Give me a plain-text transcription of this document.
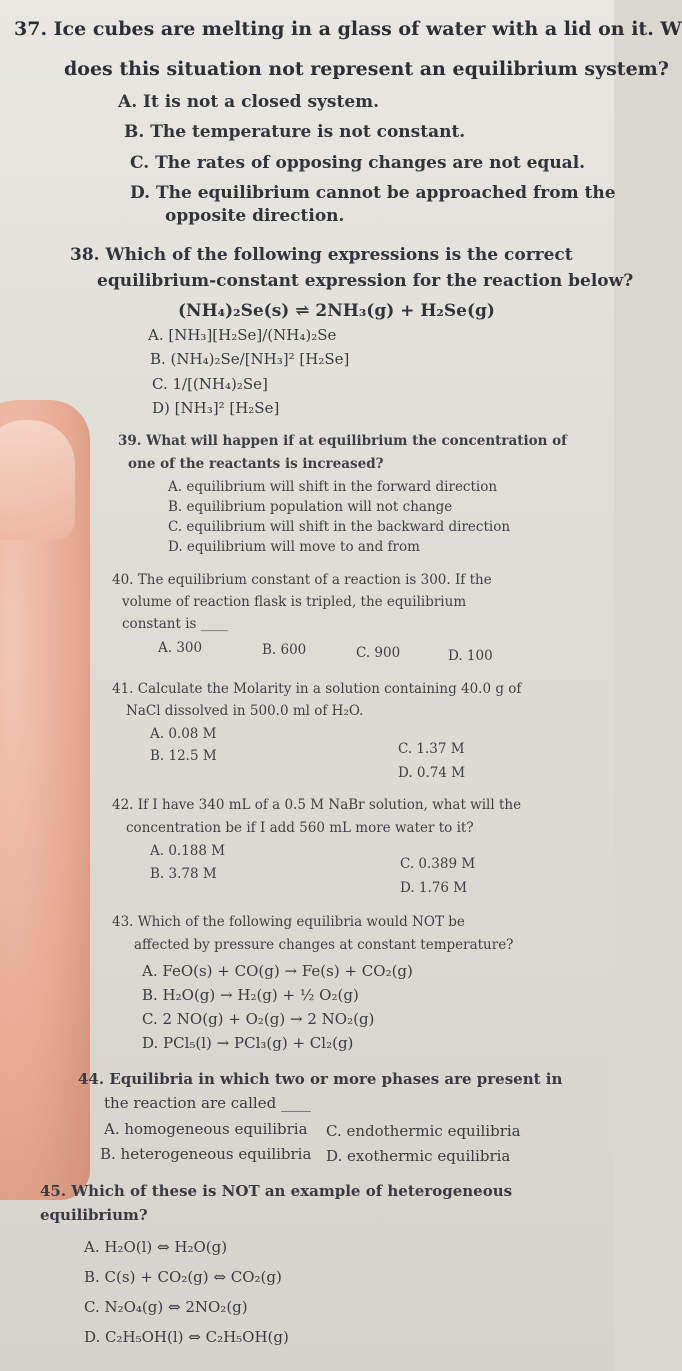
37. Ice cubes are melting in a glass of water with a lid on it. W
does this situation not represent an equilibrium system?
A. It is not a closed system.
B. The temperature is not constant.
C. The rates of opposing changes are not equal.
D. The equilibrium cannot be approached from the
opposite direction.
38. Which of the following expressions is the correct
equilibrium-constant expression for the reaction below?
(NH₄)₂Se(s) ⇌ 2NH₃(g) + H₂Se(g)
A. [NH₃][H₂Se]/(NH₄)₂Se
B. (NH₄)₂Se/[NH₃]² [H₂Se]
C. 1/[(NH₄)₂Se]
D) [NH₃]² [H₂Se]
39. What will happen if at equilibrium the concentration of
one of the reactants is increased?
A. equilibrium will shift in the forward direction
B. equilibrium population will not change
C. equilibrium will shift in the backward direction
D. equilibrium will move to and from
40. The equilibrium constant of a reaction is 300. If the
volume of reaction flask is tripled, the equilibrium
constant is ____
A. 300	B. 600	C. 900	D. 100
41. Calculate the Molarity in a solution containing 40.0 g of
NaCl dissolved in 500.0 ml of H₂O.
A. 0.08 M
B. 12.5 M	C. 1.37 M
D. 0.74 M
42. If I have 340 mL of a 0.5 M NaBr solution, what will the
concentration be if I add 560 mL more water to it?
A. 0.188 M
B. 3.78 M
C. 0.389 M
D. 1.76 M
43. Which of the following equilibria would NOT be
affected by pressure changes at constant temperature?
A. FeO(s) + CO(g) → Fe(s) + CO₂(g)
B. H₂O(g) → H₂(g) + ½ O₂(g)
C. 2 NO(g) + O₂(g) → 2 NO₂(g)
D. PCl₅(l) → PCl₃(g) + Cl₂(g)
44. Equilibria in which two or more phases are present in
the reaction are called ____
A. homogeneous equilibria
B. heterogeneous equilibria
C. endothermic equilibria
D. exothermic equilibria
45. Which of these is NOT an example of heterogeneous
equilibrium?
A. H₂O(l) ⇔ H₂O(g)
B. C(s) + CO₂(g) ⇔ CO₂(g)
C. N₂O₄(g) ⇔ 2NO₂(g)
D. C₂H₅OH(l) ⇔ C₂H₅OH(g)
